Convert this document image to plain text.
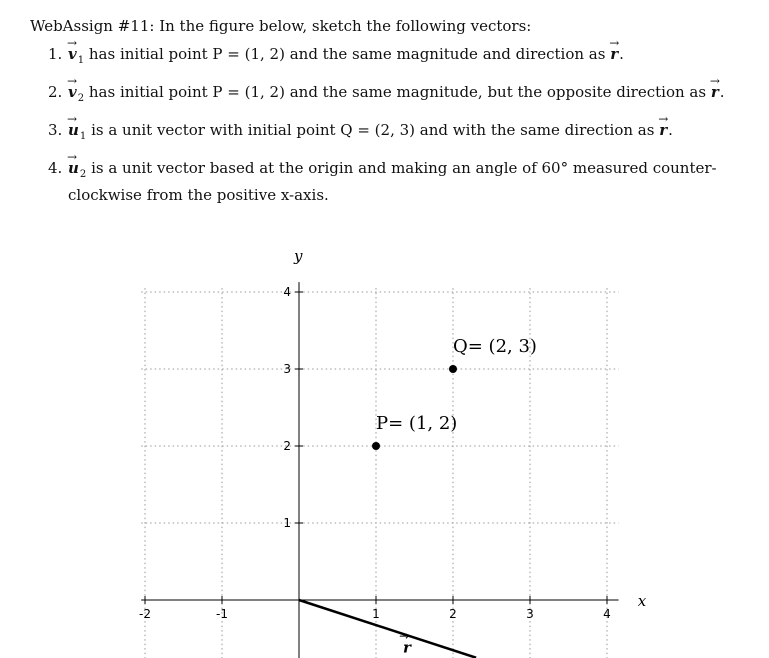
WebAssign #11: In the figure below, sketch the following vectors:
1. → $v_1$ has initial point P = (1, 2) and the same magnitude and direction as → r.
2. → $v_2$ has initial point P = (1, 2) and the same magnitude, but the opposite direction as → r.
3. → $u_1$ is a unit vector with initial point Q = (2, 3) and with the same direction as → r.
4. → $u_2$ is a unit vector based at the origin and making an angle of 60° measured counter-clockwise from the positive x-axis.
-2	-1	1	2	3	4
1
2
3
4
x
y
P= (1, 2)
Q= (2, 3)
r
→
